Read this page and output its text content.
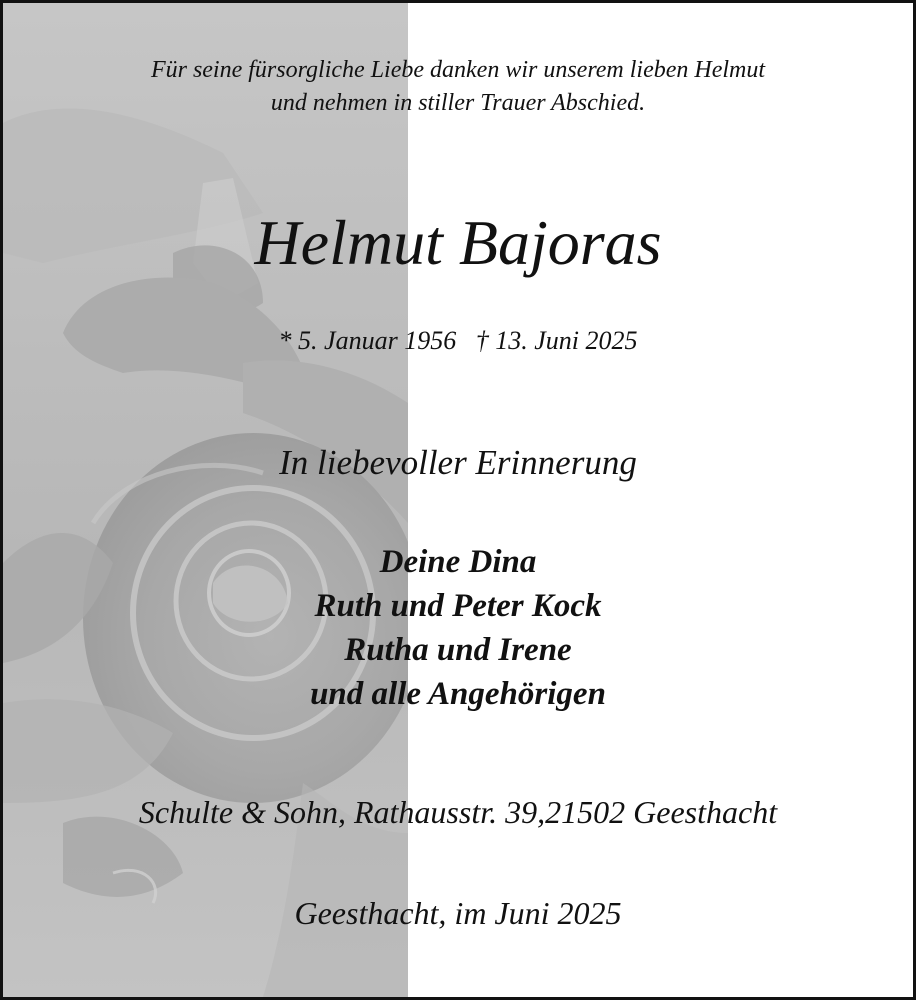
Für seine fürsorgliche Liebe danken wir unserem lieben Helmut

und nehmen in stiller Trauer Abschied.

Helmut Bajoras

* 5. Januar 1956   † 13. Juni 2025

In liebevoller Erinnerung

Deine Dina

Ruth und Peter Kock

Rutha und Irene

und alle Angehörigen

Schulte & Sohn, Rathausstr. 39,21502 Geesthacht

Geesthacht, im Juni 2025
